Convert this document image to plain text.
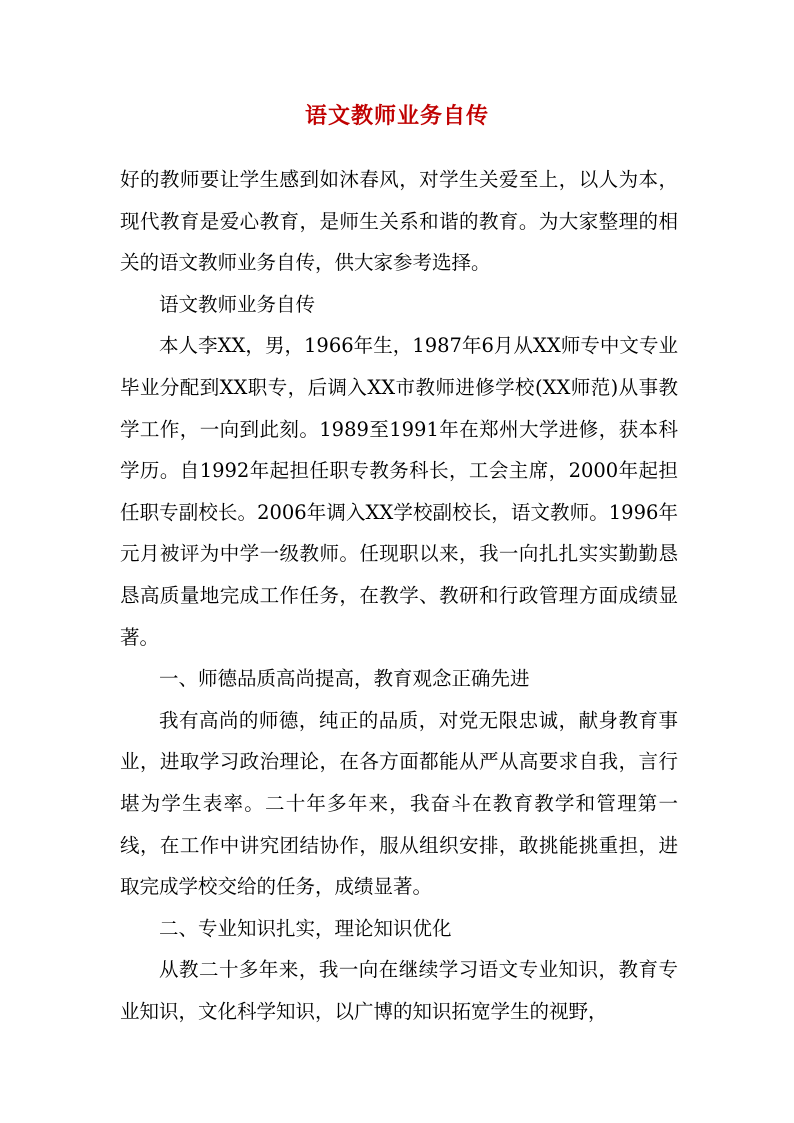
语文教师业务自传

好的教师要让学生感到如沐春风，对学生关爱至上，以人为本，现代教育是爱心教育，是师生关系和谐的教育。为大家整理的相关的语文教师业务自传，供大家参考选择。

语文教师业务自传

本人李XX，男，1966年生，1987年6月从XX师专中文专业毕业分配到XX职专，后调入XX市教师进修学校(XX师范)从事教学工作，一向到此刻。1989至1991年在郑州大学进修，获本科学历。自1992年起担任职专教务科长，工会主席，2000年起担任职专副校长。2006年调入XX学校副校长，语文教师。1996年元月被评为中学一级教师。任现职以来，我一向扎扎实实勤勤恳恳高质量地完成工作任务，在教学、教研和行政管理方面成绩显著。

一、师德品质高尚提高，教育观念正确先进

我有高尚的师德，纯正的品质，对党无限忠诚，献身教育事业，进取学习政治理论，在各方面都能从严从高要求自我，言行堪为学生表率。二十年多年来，我奋斗在教育教学和管理第一线，在工作中讲究团结协作，服从组织安排，敢挑能挑重担，进取完成学校交给的任务，成绩显著。

二、专业知识扎实，理论知识优化

从教二十多年来，我一向在继续学习语文专业知识，教育专业知识，文化科学知识，以广博的知识拓宽学生的视野，
